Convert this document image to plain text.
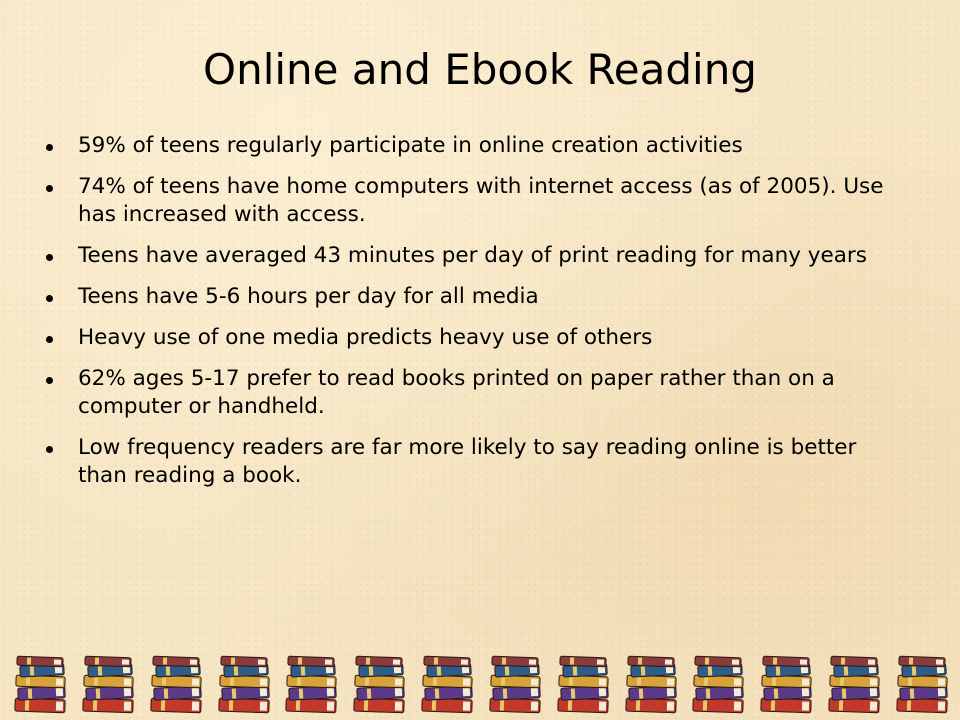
Online and Ebook Reading
59% of teens regularly participate in online creation activities
74% of teens have home computers with internet access (as of 2005). Use has increased with access.
Teens have averaged 43 minutes per day of print reading for many years
Teens have 5-6 hours per day for all media
Heavy use of one media predicts heavy use of others
62% ages 5-17 prefer to read books printed on paper rather than on a computer or handheld.
Low frequency readers are far more likely to say reading online is better than reading a book.
